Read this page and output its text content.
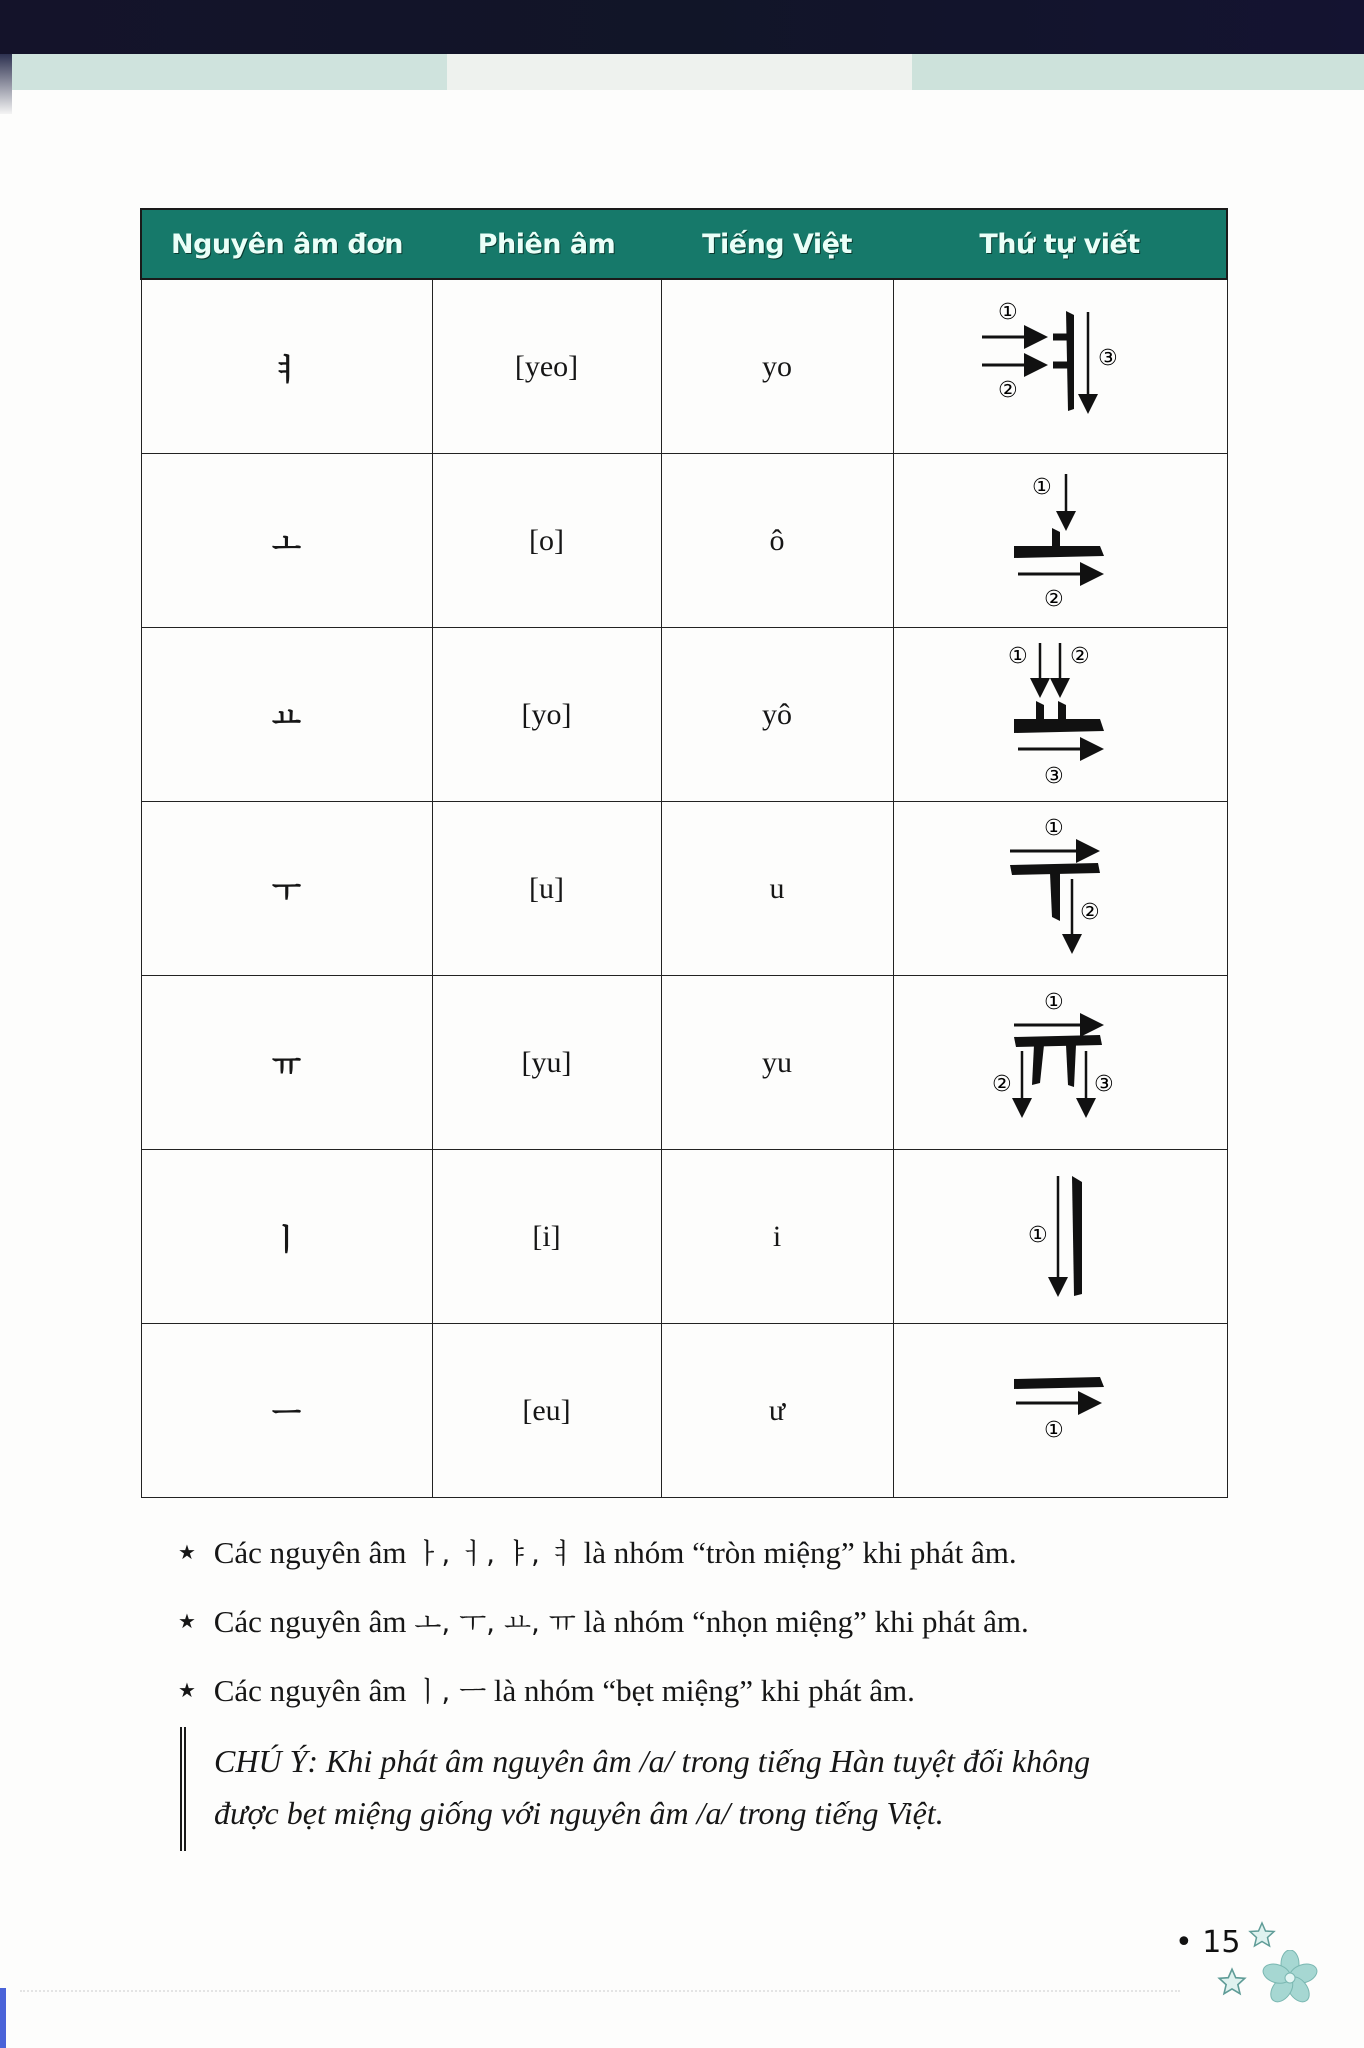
Nguyên âm đơn	Phiên âm	Tiếng Việt	Thứ tự viết
ㅕ	[yeo]	yo	①
②
③

ㅗ	[o]	ô	①
②

ㅛ	[yo]	yô	① ②
③

ㅜ	[u]	u	①
②

ㅠ	[yu]	yu	①
② ③

ㅣ	[i]	i	①

ㅡ	[eu]	ư	①
★ Các nguyên âm ㅏ, ㅓ, ㅑ, ㅕ là nhóm “tròn miệng” khi phát âm.
★ Các nguyên âm ㅗ, ㅜ, ㅛ, ㅠ là nhóm “nhọn miệng” khi phát âm.
★ Các nguyên âm ㅣ, ㅡ là nhóm “bẹt miệng” khi phát âm.
CHÚ Ý: Khi phát âm nguyên âm /a/ trong tiếng Hàn tuyệt đối không
được bẹt miệng giống với nguyên âm /a/ trong tiếng Việt.
• 15
